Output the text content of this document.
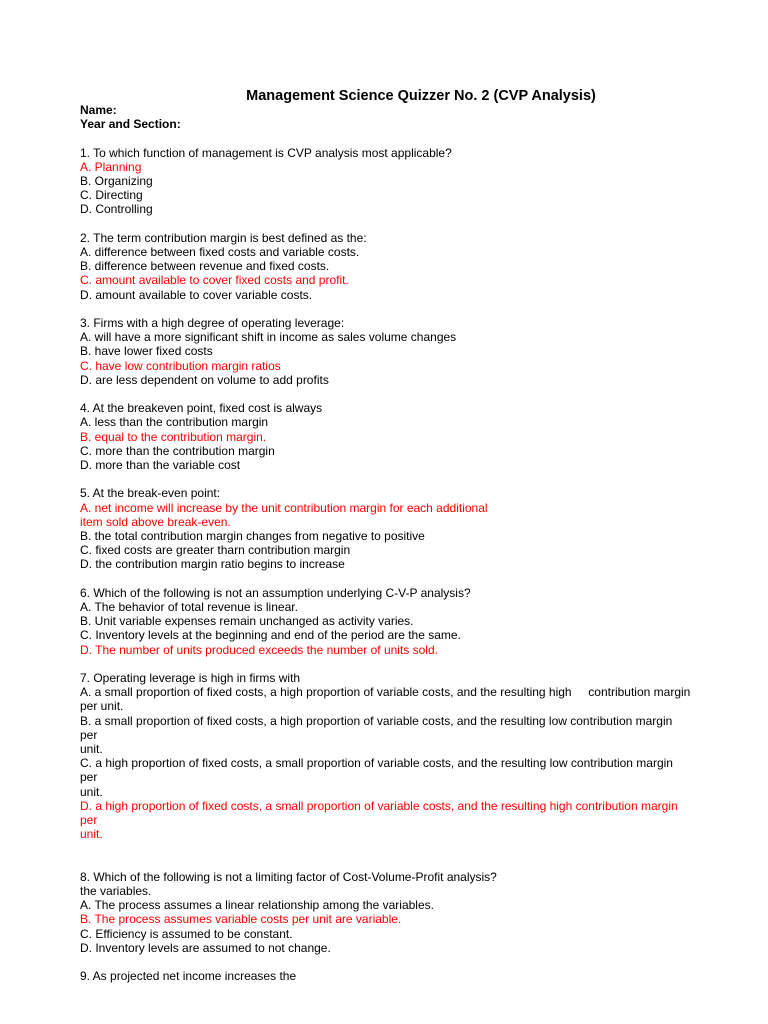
Management Science Quizzer No. 2 (CVP Analysis)
Name:
Year and Section:
1. To which function of management is CVP analysis most applicable?
A. Planning
B. Organizing
C. Directing
D. Controlling
2. The term contribution margin is best defined as the:
A. difference between fixed costs and variable costs.
B. difference between revenue and fixed costs.
C. amount available to cover fixed costs and profit.
D. amount available to cover variable costs.
3. Firms with a high degree of operating leverage:
A. will have a more significant shift in income as sales volume changes
B. have lower fixed costs
C. have low contribution margin ratios
D. are less dependent on volume to add profits
4. At the breakeven point, fixed cost is always
A. less than the contribution margin
B. equal to the contribution margin.
C. more than the contribution margin
D. more than the variable cost
5. At the break-even point:
A. net income will increase by the unit contribution margin for each additional
item sold above break-even.
B. the total contribution margin changes from negative to positive
C. fixed costs are greater tharn contribution margin
D. the contribution margin ratio begins to increase
6. Which of the following is not an assumption underlying C-V-P analysis?
A. The behavior of total revenue is linear.
B. Unit variable expenses remain unchanged as activity varies.
C. Inventory levels at the beginning and end of the period are the same.
D. The number of units produced exceeds the number of units sold.
7. Operating leverage is high in firms with
A. a small proportion of fixed costs, a high proportion of variable costs, and the resulting high     contribution margin
per unit.
B. a small proportion of fixed costs, a high proportion of variable costs, and the resulting low contribution margin per
unit.
C. a high proportion of fixed costs, a small proportion of variable costs, and the resulting low contribution margin per
unit.
D. a high proportion of fixed costs, a small proportion of variable costs, and the resulting high contribution margin per
unit.

8. Which of the following is not a limiting factor of Cost-Volume-Profit analysis?
the variables.
A. The process assumes a linear relationship among the variables.
B. The process assumes variable costs per unit are variable.
C. Efficiency is assumed to be constant.
D. Inventory levels are assumed to not change.
9. As projected net income increases the
